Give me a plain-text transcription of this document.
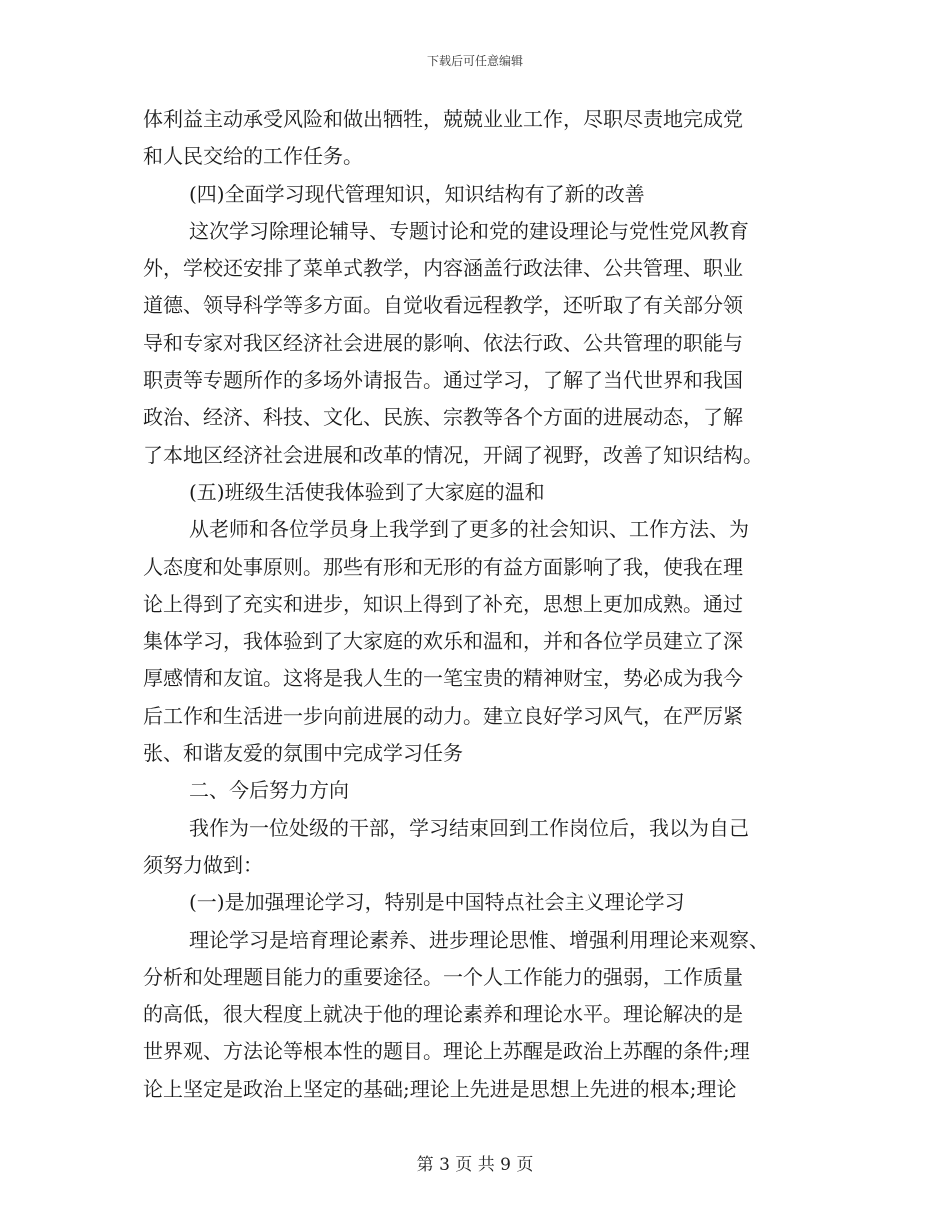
下载后可任意编辑
体利益主动承受风险和做出牺牲，兢兢业业工作，尽职尽责地完成党
和人民交给的工作任务。
(四)全面学习现代管理知识，知识结构有了新的改善
这次学习除理论辅导、专题讨论和党的建设理论与党性党风教育
外，学校还安排了菜单式教学，内容涵盖行政法律、公共管理、职业
道德、领导科学等多方面。自觉收看远程教学，还听取了有关部分领
导和专家对我区经济社会进展的影响、依法行政、公共管理的职能与
职责等专题所作的多场外请报告。通过学习，了解了当代世界和我国
政治、经济、科技、文化、民族、宗教等各个方面的进展动态，了解
了本地区经济社会进展和改革的情况，开阔了视野，改善了知识结构。
(五)班级生活使我体验到了大家庭的温和
从老师和各位学员身上我学到了更多的社会知识、工作方法、为
人态度和处事原则。那些有形和无形的有益方面影响了我，使我在理
论上得到了充实和进步，知识上得到了补充，思想上更加成熟。通过
集体学习，我体验到了大家庭的欢乐和温和，并和各位学员建立了深
厚感情和友谊。这将是我人生的一笔宝贵的精神财宝，势必成为我今
后工作和生活进一步向前进展的动力。建立良好学习风气，在严厉紧
张、和谐友爱的氛围中完成学习任务
二、今后努力方向
我作为一位处级的干部，学习结束回到工作岗位后，我以为自己
须努力做到：
(一)是加强理论学习，特别是中国特点社会主义理论学习
理论学习是培育理论素养、进步理论思惟、增强利用理论来观察、
分析和处理题目能力的重要途径。一个人工作能力的强弱，工作质量
的高低，很大程度上就决于他的理论素养和理论水平。理论解决的是
世界观、方法论等根本性的题目。理论上苏醒是政治上苏醒的条件;理
论上坚定是政治上坚定的基础;理论上先进是思想上先进的根本;理论
第 3 页 共 9 页
